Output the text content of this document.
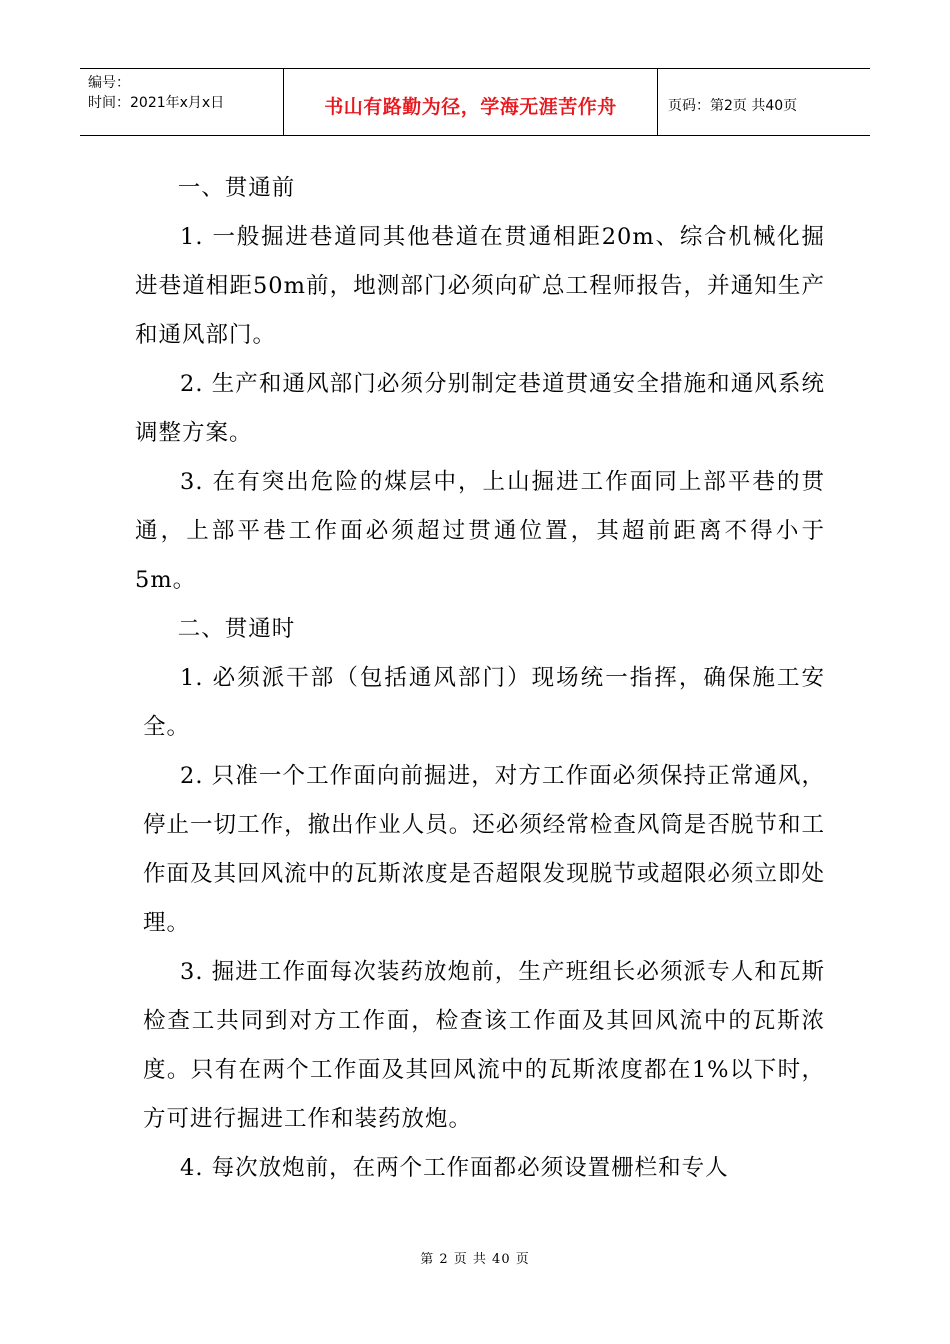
编号：
时间：2021年x月x日	书山有路勤为径，学海无涯苦作舟	页码：第2页 共40页

一、贯通前

1. 一般掘进巷道同其他巷道在贯通相距20m、综合机械化掘进巷道相距50m前，地测部门必须向矿总工程师报告，并通知生产和通风部门。

2. 生产和通风部门必须分别制定巷道贯通安全措施和通风系统调整方案。

3. 在有突出危险的煤层中，上山掘进工作面同上部平巷的贯通，上部平巷工作面必须超过贯通位置，其超前距离不得小于5m。

二、贯通时

1. 必须派干部（包括通风部门）现场统一指挥，确保施工安全。

2. 只准一个工作面向前掘进，对方工作面必须保持正常通风，停止一切工作，撤出作业人员。还必须经常检查风筒是否脱节和工作面及其回风流中的瓦斯浓度是否超限发现脱节或超限必须立即处理。

3. 掘进工作面每次装药放炮前，生产班组长必须派专人和瓦斯检查工共同到对方工作面，检查该工作面及其回风流中的瓦斯浓度。只有在两个工作面及其回风流中的瓦斯浓度都在1%以下时，方可进行掘进工作和装药放炮。

4. 每次放炮前，在两个工作面都必须设置栅栏和专人

第 2 页 共 40 页
